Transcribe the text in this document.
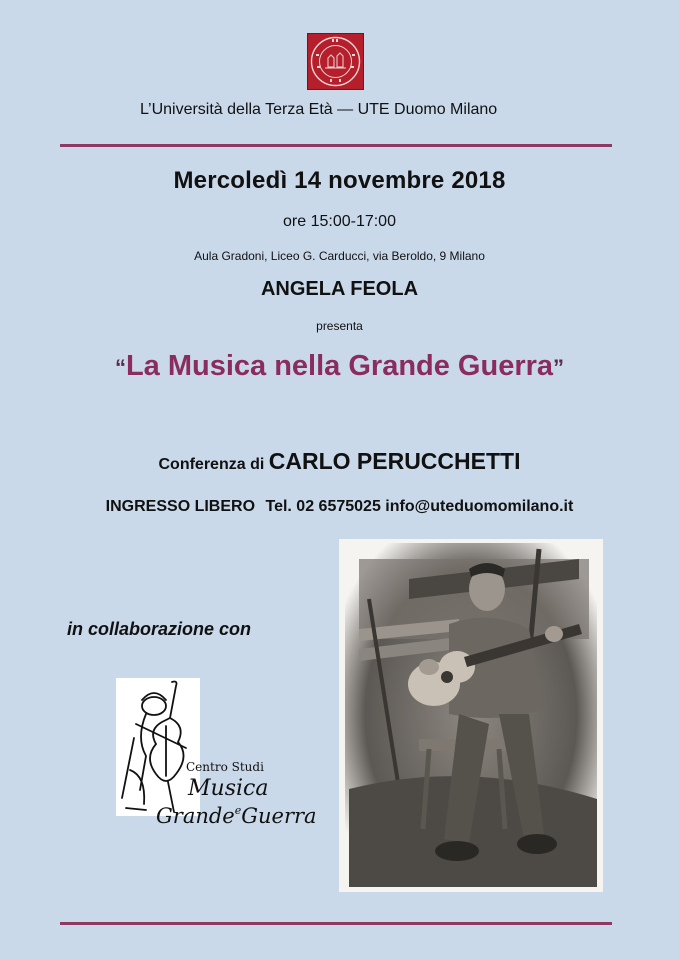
L’Università della Terza Età — UTE Duomo Milano
Mercoledì 14 novembre 2018
ore 15:00-17:00
Aula Gradoni, Liceo G. Carducci, via Beroldo, 9 Milano
ANGELA FEOLA
presenta
“La Musica nella Grande Guerra”
Conferenza di CARLO PERUCCHETTI
INGRESSO LIBERO Tel. 02 6575025 info@uteduomomilano.it
in collaborazione con
Centro Studi
Musica
Grande$^e$Guerra
